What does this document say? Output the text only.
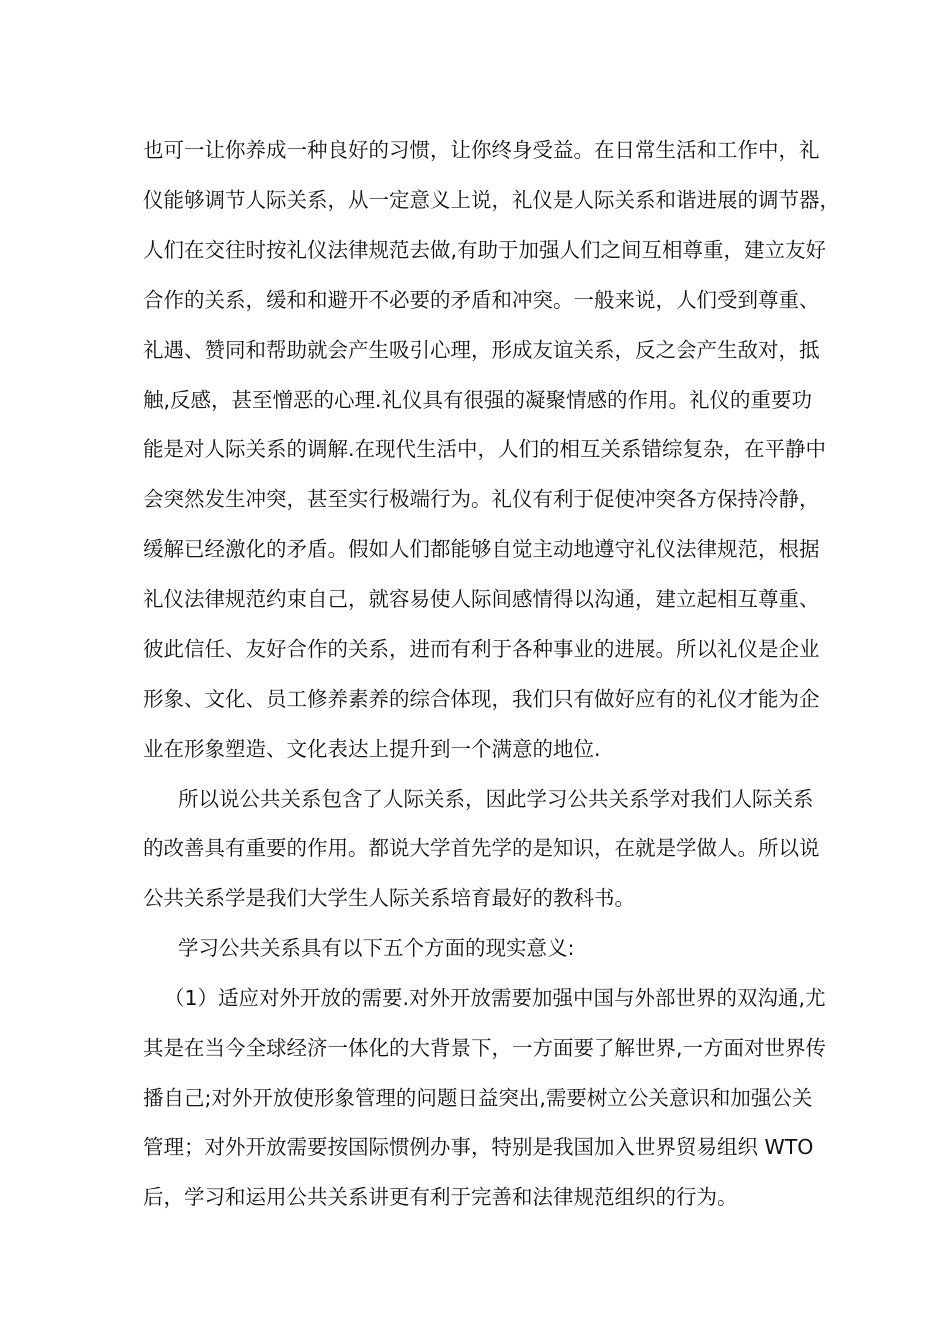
也可一让你养成一种良好的习惯，让你终身受益。在日常生活和工作中，礼
仪能够调节人际关系，从一定意义上说，礼仪是人际关系和谐进展的调节器，
人们在交往时按礼仪法律规范去做,有助于加强人们之间互相尊重，建立友好
合作的关系，缓和和避开不必要的矛盾和冲突。一般来说，人们受到尊重、
礼遇、赞同和帮助就会产生吸引心理，形成友谊关系，反之会产生敌对，抵
触,反感，甚至憎恶的心理.礼仪具有很强的凝聚情感的作用。礼仪的重要功
能是对人际关系的调解.在现代生活中，人们的相互关系错综复杂，在平静中
会突然发生冲突，甚至实行极端行为。礼仪有利于促使冲突各方保持冷静，
缓解已经激化的矛盾。假如人们都能够自觉主动地遵守礼仪法律规范，根据
礼仪法律规范约束自己，就容易使人际间感情得以沟通，建立起相互尊重、
彼此信任、友好合作的关系，进而有利于各种事业的进展。所以礼仪是企业
形象、文化、员工修养素养的综合体现，我们只有做好应有的礼仪才能为企
业在形象塑造、文化表达上提升到一个满意的地位.
所以说公共关系包含了人际关系，因此学习公共关系学对我们人际关系
的改善具有重要的作用。都说大学首先学的是知识，在就是学做人。所以说
公共关系学是我们大学生人际关系培育最好的教科书。
学习公共关系具有以下五个方面的现实意义:
（1）适应对外开放的需要.对外开放需要加强中国与外部世界的双沟通,尤
其是在当今全球经济一体化的大背景下，一方面要了解世界,一方面对世界传
播自己;对外开放使形象管理的问题日益突出,需要树立公关意识和加强公关
管理；对外开放需要按国际惯例办事，特别是我国加入世界贸易组织 WTO
后，学习和运用公共关系讲更有利于完善和法律规范组织的行为。
